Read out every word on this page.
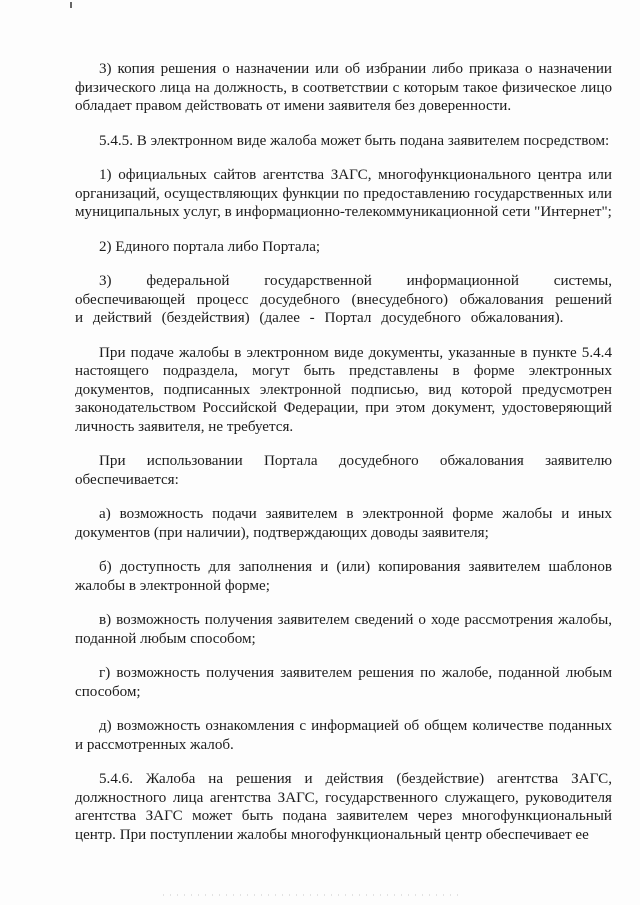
3) копия решения о назначении или об избрании либо приказа о назначении физического лица на должность, в соответствии с которым такое физическое лицо обладает правом действовать от имени заявителя без доверенности.

5.4.5. В электронном виде жалоба может быть подана заявителем посредством:

1) официальных сайтов агентства ЗАГС, многофункционального центра или организаций, осуществляющих функции по предоставлению государственных или муниципальных услуг, в информационно-телекоммуникационной сети "Интернет";

2) Единого портала либо Портала;

3) федеральной государственной информационной системы, обеспечивающей процесс досудебного (внесудебного) обжалования решений и действий (бездействия) (далее - Портал досудебного обжалования).

При подаче жалобы в электронном виде документы, указанные в пункте 5.4.4 настоящего подраздела, могут быть представлены в форме электронных документов, подписанных электронной подписью, вид которой предусмотрен законодательством Российской Федерации, при этом документ, удостоверяющий личность заявителя, не требуется.

При использовании Портала досудебного обжалования заявителю обеспечивается:

а) возможность подачи заявителем в электронной форме жалобы и иных документов (при наличии), подтверждающих доводы заявителя;

б) доступность для заполнения и (или) копирования заявителем шаблонов жалобы в электронной форме;

в) возможность получения заявителем сведений о ходе рассмотрения жалобы, поданной любым способом;

г) возможность получения заявителем решения по жалобе, поданной любым способом;

д) возможность ознакомления с информацией об общем количестве поданных и рассмотренных жалоб.

5.4.6. Жалоба на решения и действия (бездействие) агентства ЗАГС, должностного лица агентства ЗАГС, государственного служащего, руководителя агентства ЗАГС может быть подана заявителем через многофункциональный центр. При поступлении жалобы многофункциональный центр обеспечивает ее
